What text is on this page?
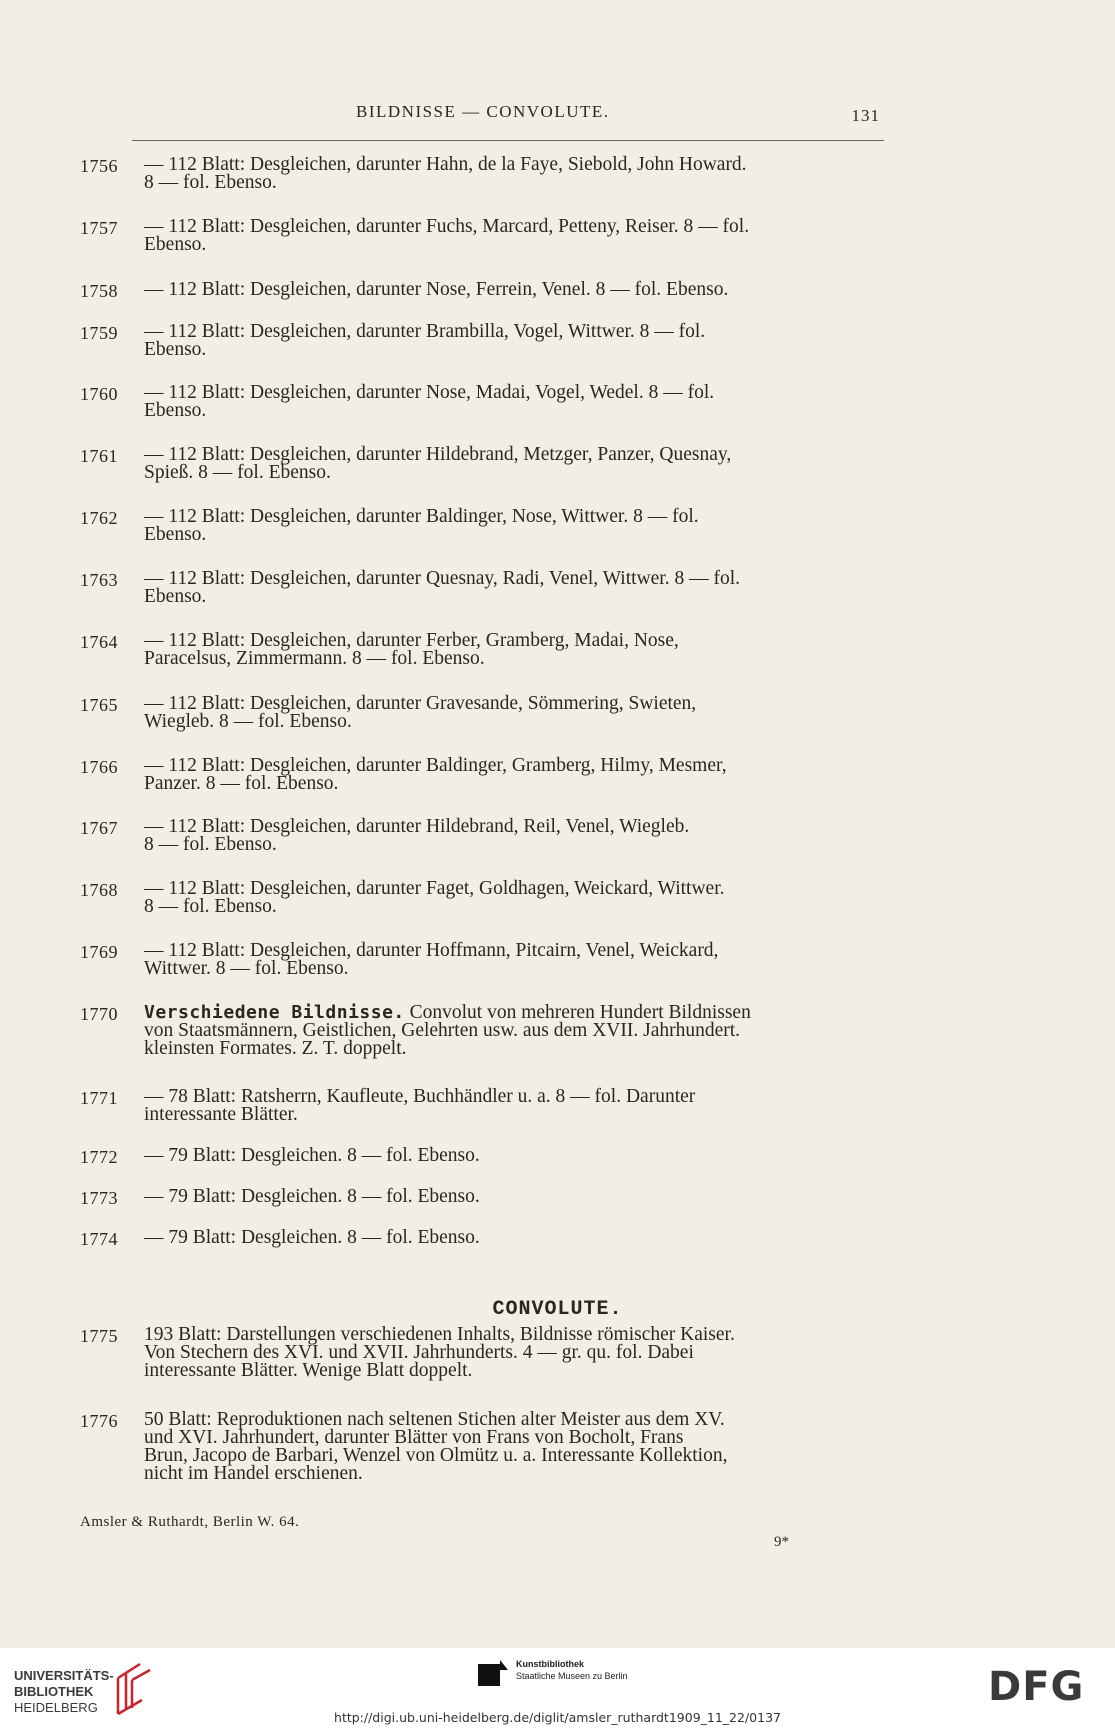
BILDNISSE — CONVOLUTE.	131
1756	— 112 Blatt: Desgleichen, darunter Hahn, de la Faye, Siebold, John Howard.
8 — fol. Ebenso.
1757	— 112 Blatt: Desgleichen, darunter Fuchs, Marcard, Petteny, Reiser. 8 — fol.
Ebenso.
1758	— 112 Blatt: Desgleichen, darunter Nose, Ferrein, Venel. 8 — fol. Ebenso.
1759	— 112 Blatt: Desgleichen, darunter Brambilla, Vogel, Wittwer. 8 — fol.
Ebenso.
1760	— 112 Blatt: Desgleichen, darunter Nose, Madai, Vogel, Wedel. 8 — fol.
Ebenso.
1761	— 112 Blatt: Desgleichen, darunter Hildebrand, Metzger, Panzer, Quesnay,
Spieß. 8 — fol. Ebenso.
1762	— 112 Blatt: Desgleichen, darunter Baldinger, Nose, Wittwer. 8 — fol.
Ebenso.
1763	— 112 Blatt: Desgleichen, darunter Quesnay, Radi, Venel, Wittwer. 8 — fol.
Ebenso.
1764	— 112 Blatt: Desgleichen, darunter Ferber, Gramberg, Madai, Nose,
Paracelsus, Zimmermann. 8 — fol. Ebenso.
1765	— 112 Blatt: Desgleichen, darunter Gravesande, Sömmering, Swieten,
Wiegleb. 8 — fol. Ebenso.
1766	— 112 Blatt: Desgleichen, darunter Baldinger, Gramberg, Hilmy, Mesmer,
Panzer. 8 — fol. Ebenso.
1767	— 112 Blatt: Desgleichen, darunter Hildebrand, Reil, Venel, Wiegleb.
8 — fol. Ebenso.
1768	— 112 Blatt: Desgleichen, darunter Faget, Goldhagen, Weickard, Wittwer.
8 — fol. Ebenso.
1769	— 112 Blatt: Desgleichen, darunter Hoffmann, Pitcairn, Venel, Weickard,
Wittwer. 8 — fol. Ebenso.
1770	Verschiedene Bildnisse. Convolut von mehreren Hundert Bildnissen
von Staatsmännern, Geistlichen, Gelehrten usw. aus dem XVII. Jahrhundert.
kleinsten Formates. Z. T. doppelt.
1771	— 78 Blatt: Ratsherrn, Kaufleute, Buchhändler u. a. 8 — fol. Darunter
interessante Blätter.
1772	— 79 Blatt: Desgleichen. 8 — fol. Ebenso.
1773	— 79 Blatt: Desgleichen. 8 — fol. Ebenso.
1774	— 79 Blatt: Desgleichen. 8 — fol. Ebenso.
1775	193 Blatt: Darstellungen verschiedenen Inhalts, Bildnisse römischer Kaiser.
Von Stechern des XVI. und XVII. Jahrhunderts. 4 — gr. qu. fol. Dabei
interessante Blätter. Wenige Blatt doppelt.
1776	50 Blatt: Reproduktionen nach seltenen Stichen alter Meister aus dem XV.
und XVI. Jahrhundert, darunter Blätter von Frans von Bocholt, Frans
Brun, Jacopo de Barbari, Wenzel von Olmütz u. a. Interessante Kollektion,
nicht im Handel erschienen.
CONVOLUTE.
Amsler & Ruthardt, Berlin W. 64.
9*
UNIVERSITÄTS-
BIBLIOTHEK
HEIDELBERG
Kunstbibliothek
Staatliche Museen zu Berlin	DFG
http://digi.ub.uni-heidelberg.de/diglit/amsler_ruthardt1909_11_22/0137
